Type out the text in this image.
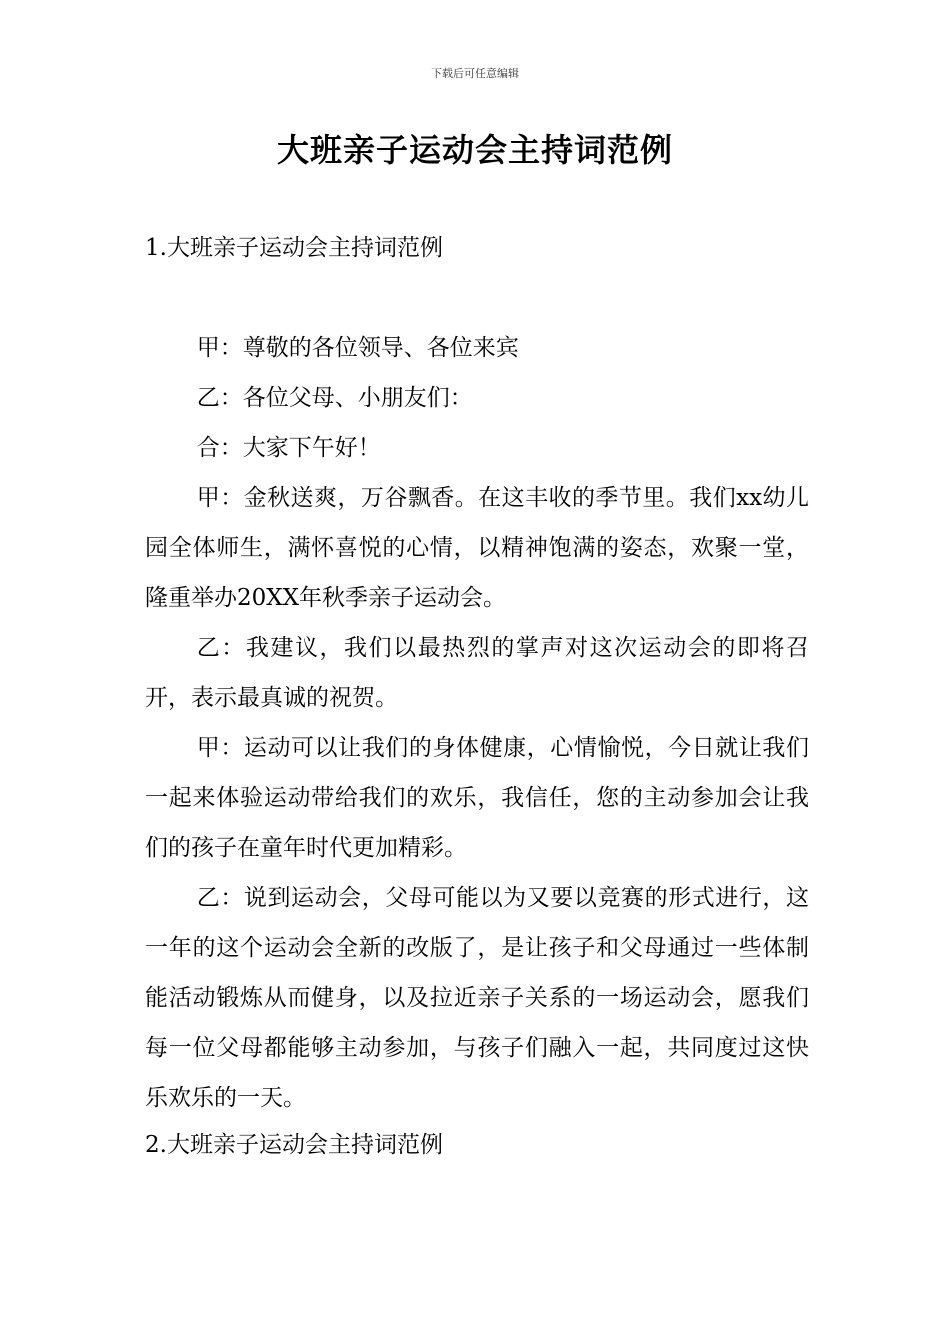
下载后可任意编辑
大班亲子运动会主持词范例
1.大班亲子运动会主持词范例

甲：尊敬的各位领导、各位来宾

乙：各位父母、小朋友们：

合：大家下午好！

甲：金秋送爽，万谷飘香。在这丰收的季节里。我们xx幼儿园全体师生，满怀喜悦的心情，以精神饱满的姿态，欢聚一堂，隆重举办20XX年秋季亲子运动会。

乙：我建议，我们以最热烈的掌声对这次运动会的即将召开，表示最真诚的祝贺。

甲：运动可以让我们的身体健康，心情愉悦，今日就让我们一起来体验运动带给我们的欢乐，我信任，您的主动参加会让我们的孩子在童年时代更加精彩。

乙：说到运动会，父母可能以为又要以竞赛的形式进行，这一年的这个运动会全新的改版了，是让孩子和父母通过一些体制能活动锻炼从而健身，以及拉近亲子关系的一场运动会，愿我们每一位父母都能够主动参加，与孩子们融入一起，共同度过这快乐欢乐的一天。

2.大班亲子运动会主持词范例
